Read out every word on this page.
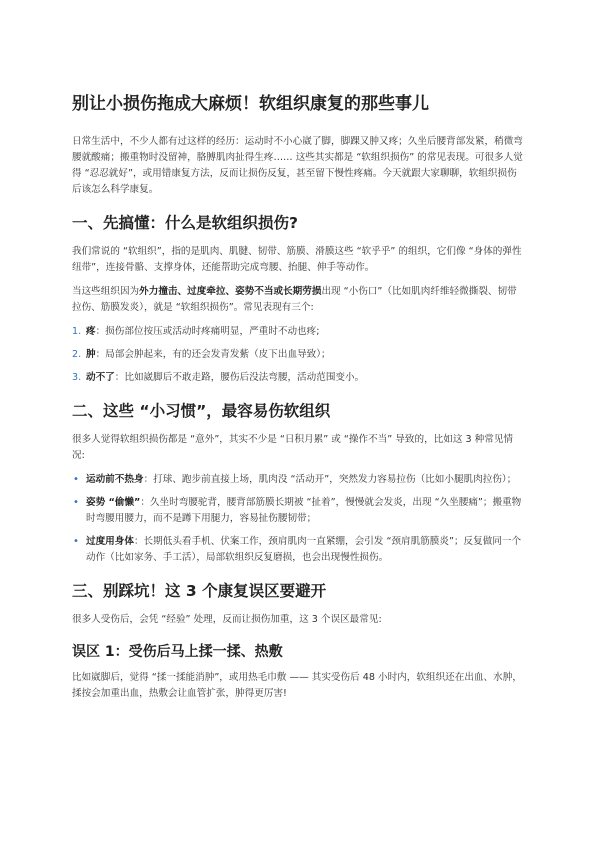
别让小损伤拖成大麻烦！软组织康复的那些事儿

日常生活中，不少人都有过这样的经历：运动时不小心崴了脚，脚踝又肿又疼；久坐后腰背部发紧，稍微弯腰就酸痛；搬重物时没留神，胳膊肌肉扯得生疼…… 这些其实都是 “软组织损伤” 的常见表现。可很多人觉得 “忍忍就好”，或用错康复方法，反而让损伤反复，甚至留下慢性疼痛。今天就跟大家聊聊，软组织损伤后该怎么科学康复。

一、先搞懂：什么是软组织损伤?

我们常说的 “软组织”，指的是肌肉、肌腱、韧带、筋膜、滑膜这些 “软乎乎” 的组织，它们像 “身体的弹性纽带”，连接骨骼、支撑身体，还能帮助完成弯腰、抬腿、伸手等动作。

当这些组织因为外力撞击、过度牵拉、姿势不当或长期劳损出现 “小伤口”（比如肌肉纤维轻微撕裂、韧带拉伤、筋膜发炎），就是 “软组织损伤”。常见表现有三个:

1. 疼：损伤部位按压或活动时疼痛明显，严重时不动也疼;
2. 肿：局部会肿起来，有的还会发青发紫（皮下出血导致）；
3. 动不了：比如崴脚后不敢走路，腰伤后没法弯腰，活动范围变小。
二、这些 “小习惯”，最容易伤软组织

很多人觉得软组织损伤都是 “意外”，其实不少是 “日积月累” 或 “操作不当” 导致的，比如这 3 种常见情况:

• 运动前不热身：打球、跑步前直接上场，肌肉没 “活动开”，突然发力容易拉伤（比如小腿肌肉拉伤）；
• 姿势 “偷懒”：久坐时弯腰驼背，腰背部筋膜长期被 “扯着”，慢慢就会发炎，出现 “久坐腰痛”；搬重物时弯腰用腰力，而不是蹲下用腿力，容易扯伤腰韧带；
• 过度用身体：长期低头看手机、伏案工作，颈肩肌肉一直紧绷，会引发 “颈肩肌筋膜炎”；反复做同一个动作（比如家务、手工活），局部软组织反复磨损，也会出现慢性损伤。
三、别踩坑！这 3 个康复误区要避开

很多人受伤后，会凭 “经验” 处理，反而让损伤加重，这 3 个误区最常见:

误区 1：受伤后马上揉一揉、热敷

比如崴脚后，觉得 “揉一揉能消肿”，或用热毛巾敷 —— 其实受伤后 48 小时内，软组织还在出血、水肿，揉按会加重出血，热敷会让血管扩张，肿得更厉害!
